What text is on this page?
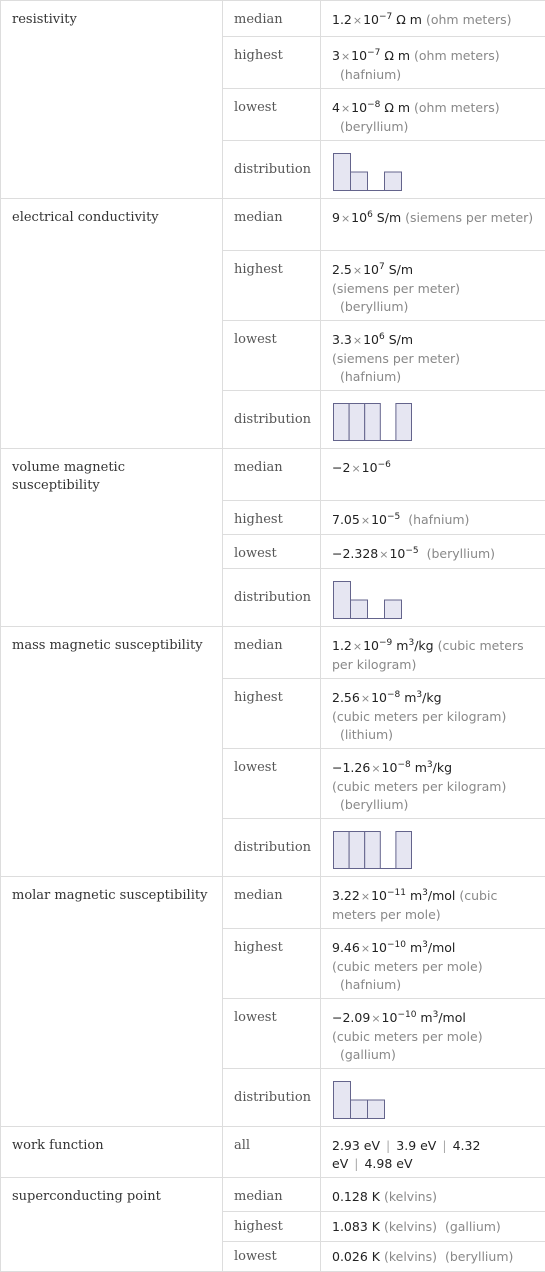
resistivity	median	$1.2\times 10^{-7}$ Ω m (ohm meters)
	highest	$3\times 10^{-7}$ Ω m (ohm meters)
(hafnium)
	lowest	$4\times 10^{-8}$ Ω m (ohm meters)
(beryllium)
	distribution	

electrical conductivity	median	$9\times 10^6$ S/m (siemens per meter)
	highest	$2.5\times 10^7$ S/m
(siemens per meter)
(beryllium)
	lowest	$3.3\times 10^6$ S/m
(siemens per meter)
(hafnium)
	distribution	

volume magnetic susceptibility	median	$-2\times 10^{-6}$
	highest	$7.05\times 10^{-5}$ (hafnium)
	lowest	$-2.328\times 10^{-5}$ (beryllium)
	distribution	

mass magnetic susceptibility	median	$1.2\times 10^{-9}$ $m^3/kg$ (cubic meters per kilogram)
	highest	$2.56\times 10^{-8}$ $m^3/kg$
(cubic meters per kilogram)
(lithium)
	lowest	$-1.26\times 10^{-8}$ $m^3/kg$
(cubic meters per kilogram)
(beryllium)
	distribution	

molar magnetic susceptibility	median	$3.22\times 10^{-11}$ $m^3$/mol (cubic meters per mole)
	highest	$9.46\times 10^{-10}$ $m^3$/mol
(cubic meters per mole)
(hafnium)
	lowest	$-2.09\times 10^{-10}$ $m^3$/mol
(cubic meters per mole)
(gallium)
	distribution	

work function	all	2.93 eV | 3.9 eV | 4.32 eV | 4.98 eV
superconducting point	median	0.128 K (kelvins)
	highest	1.083 K (kelvins) (gallium)
	lowest	0.026 K (kelvins) (beryllium)
